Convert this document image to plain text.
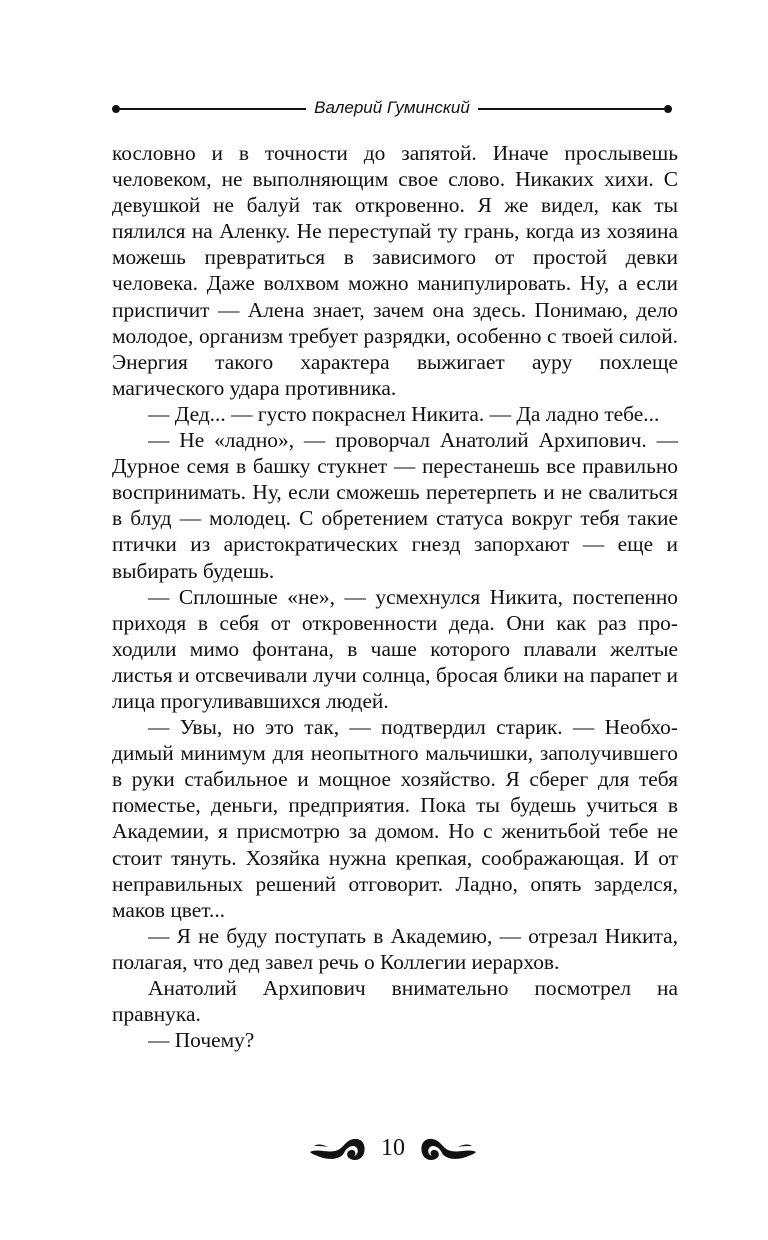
Валерий Гуминский

кословно и в точности до запятой. Иначе прослывешь человеком, не выполняющим свое слово. Никаких хихи. С девушкой не балуй так откровенно. Я же видел, как ты пялился на Аленку. Не переступай ту грань, когда из хозяина можешь превратиться в зависимого от простой девки человека. Даже волхвом можно манипулировать. Ну, а если приспичит — Алена знает, зачем она здесь. Понимаю, дело молодое, организм требует разрядки, особенно с твоей силой. Энергия такого характера выжигает ауру похлеще магического удара противника.

— Дед... — густо покраснел Никита. — Да ладно тебе...

— Не «ладно», — проворчал Анатолий Архипович. — Дурное семя в башку стукнет — перестанешь все правильно воспринимать. Ну, если сможешь перетерпеть и не свалиться в блуд — молодец. С обретением статуса вокруг тебя такие птички из аристократических гнезд запорхают — еще и выбирать будешь.

— Сплошные «не», — усмехнулся Никита, постепенно приходя в себя от откровенности деда. Они как раз проходили мимо фонтана, в чаше которого плавали желтые листья и отсвечивали лучи солнца, бросая блики на парапет и лица прогуливавшихся людей.

— Увы, но это так, — подтвердил старик. — Необходимый минимум для неопытного мальчишки, заполучившего в руки стабильное и мощное хозяйство. Я сберег для тебя поместье, деньги, предприятия. Пока ты будешь учиться в Академии, я присмотрю за домом. Но с женитьбой тебе не стоит тянуть. Хозяйка нужна крепкая, соображающая. И от неправильных решений отговорит. Ладно, опять зарделся, маков цвет...

— Я не буду поступать в Академию, — отрезал Никита, полагая, что дед завел речь о Коллегии иерархов.

Анатолий Архипович внимательно посмотрел на правнука.

— Почему?

10
